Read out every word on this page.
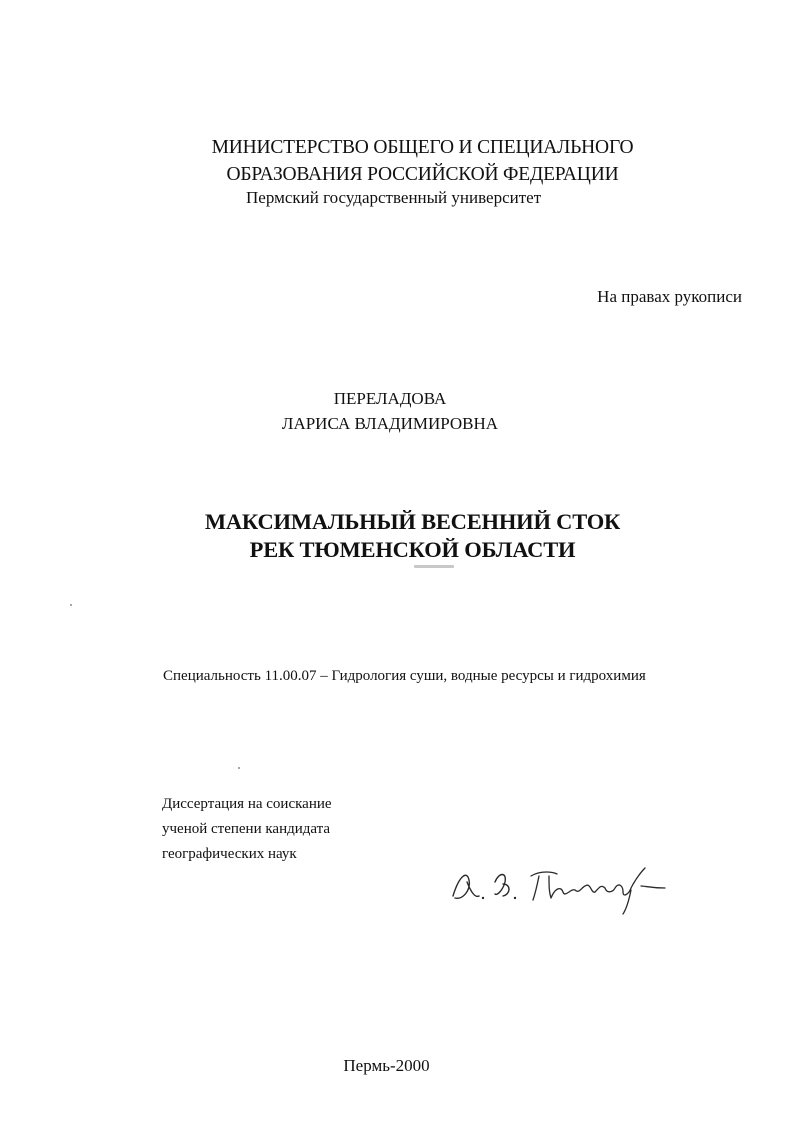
МИНИСТЕРСТВО ОБЩЕГО И СПЕЦИАЛЬНОГО
ОБРАЗОВАНИЯ РОССИЙСКОЙ ФЕДЕРАЦИИ
Пермский государственный университет
На правах рукописи
ПЕРЕЛАДОВА
ЛАРИСА ВЛАДИМИРОВНА
МАКСИМАЛЬНЫЙ ВЕСЕННИЙ СТОК
РЕК ТЮМЕНСКОЙ ОБЛАСТИ
Специальность 11.00.07 – Гидрология суши, водные ресурсы и гидрохимия
Диссертация на соискание
ученой степени кандидата
географических наук
Пермь-2000
